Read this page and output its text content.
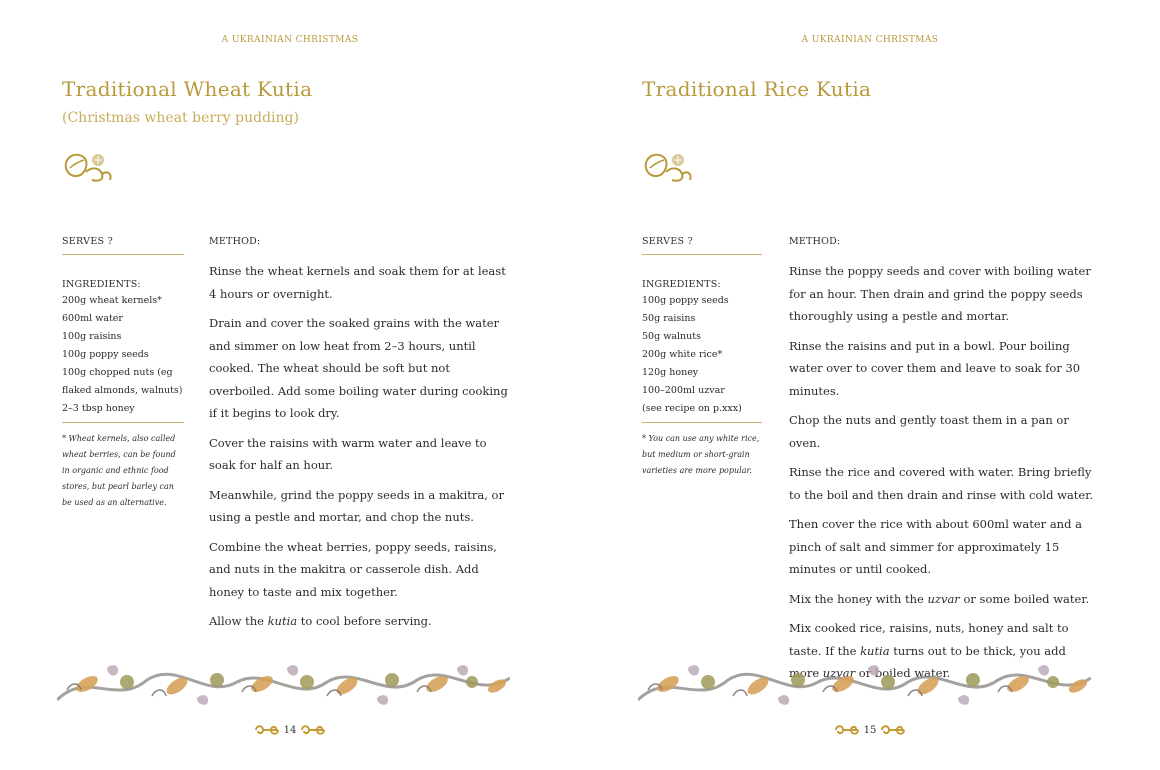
A UKRAINIAN CHRISTMAS
Traditional Wheat Kutia
(Christmas wheat berry pudding)
SERVES ?
INGREDIENTS:
200g wheat kernels*
600ml water
100g raisins
100g poppy seeds
100g chopped nuts (eg
flaked almonds, walnuts)
2–3 tbsp honey
* Wheat kernels, also called wheat berries, can be found in organic and ethnic food stores, but pearl barley can be used as an alternative.
METHOD:

Rinse the wheat kernels and soak them for at least 4 hours or overnight.

Drain and cover the soaked grains with the water and simmer on low heat from 2–3 hours, until cooked. The wheat should be soft but not overboiled. Add some boiling water during cooking if it begins to look dry.

Cover the raisins with warm water and leave to soak for half an hour.

Meanwhile, grind the poppy seeds in a makitra, or using a pestle and mortar, and chop the nuts.

Combine the wheat berries, poppy seeds, raisins, and nuts in the makitra or casserole dish. Add honey to taste and mix together.

Allow the kutia to cool before serving.

14
A UKRAINIAN CHRISTMAS
Traditional Rice Kutia
SERVES ?
INGREDIENTS:
100g poppy seeds
50g raisins
50g walnuts
200g white rice*
120g honey
100–200ml uzvar
(see recipe on p.xxx)
* You can use any white rice, but medium or short-grain varieties are more popular.
METHOD:

Rinse the poppy seeds and cover with boiling water for an hour. Then drain and grind the poppy seeds thoroughly using a pestle and mortar.

Rinse the raisins and put in a bowl. Pour boiling water over to cover them and leave to soak for 30 minutes.

Chop the nuts and gently toast them in a pan or oven.

Rinse the rice and covered with water. Bring briefly to the boil and then drain and rinse with cold water.

Then cover the rice with about 600ml water and a pinch of salt and simmer for approximately 15 minutes or until cooked.

Mix the honey with the uzvar or some boiled water.

Mix cooked rice, raisins, nuts, honey and salt to taste. If the kutia turns out to be thick, you add more uzvar or boiled water.

15
